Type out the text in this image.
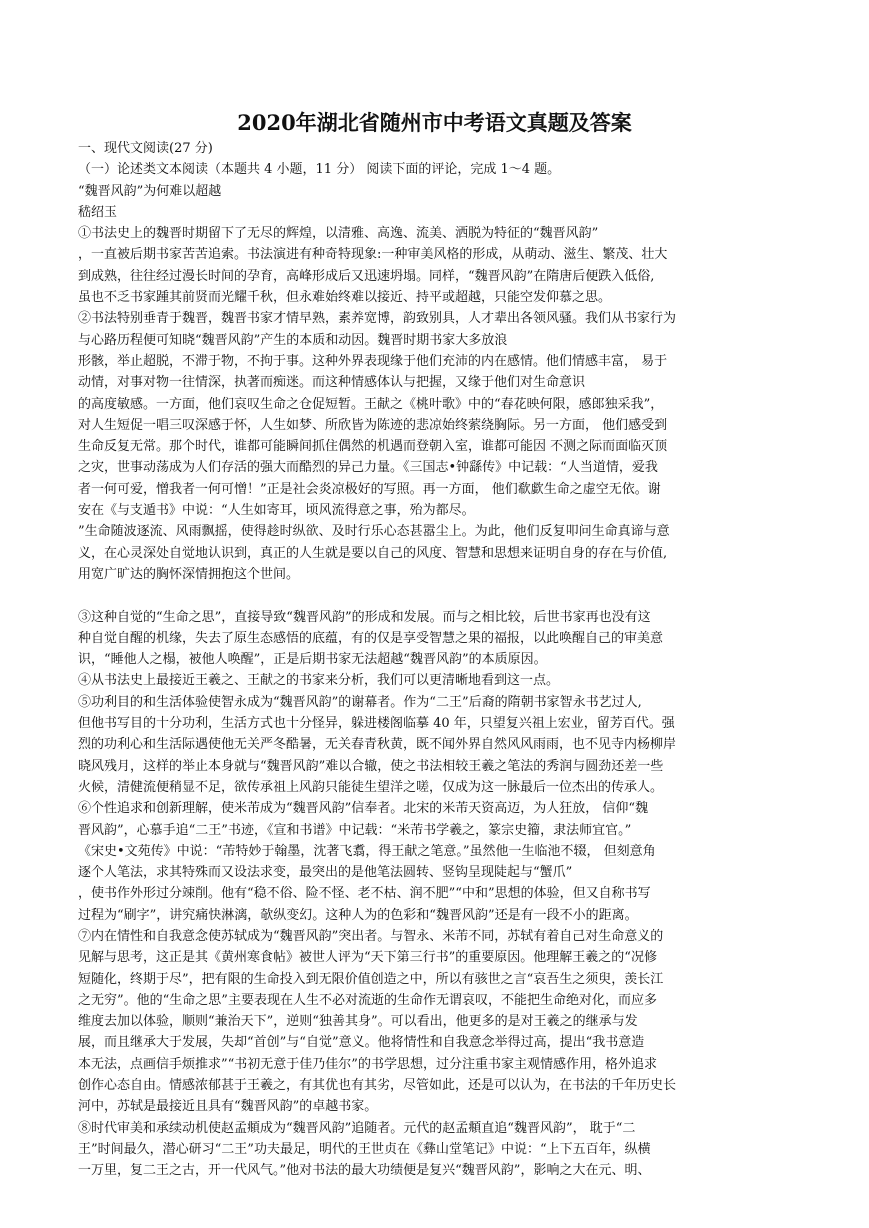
2020年湖北省随州市中考语文真题及答案
一、现代文阅读(27 分)
（一）论述类文本阅读（本题共 4 小题，11 分） 阅读下面的评论，完成 1～4 题。
“魏晋风韵”为何难以超越
嵇绍玉
①书法史上的魏晋时期留下了无尽的辉煌，以清雅、高逸、流美、洒脱为特征的“魏晋风韵”
，一直被后期书家苦苦追索。书法演进有种奇特现象:一种审美风格的形成，从萌动、滋生、繁茂、壮大
到成熟，往往经过漫长时间的孕育，高峰形成后又迅速坍塌。同样，“魏晋风韵”在隋唐后便跌入低俗,
虽也不乏书家踵其前贤而光耀千秋，但永难始终难以接近、持平或超越，只能空发仰慕之思。
②书法特别垂青于魏晋，魏晋书家才情早熟，素养宽博，韵致别具，人才辈出各领风骚。我们从书家行为
与心路历程便可知晓“魏晋风韵”产生的本质和动因。魏晋时期书家大多放浪
形骸，举止超脱，不滞于物，不拘于事。这种外界表现缘于他们充沛的内在感情。他们情感丰富， 易于
动情，对事对物一往情深，执著而痴迷。而这种情感体认与把握，又缘于他们对生命意识
的高度敏感。一方面，他们哀叹生命之仓促短暂。王献之《桃叶歌》中的“春花映何限，感郎独采我”，
对人生短促一唱三叹深感于怀，人生如梦、所欣皆为陈迹的悲凉始终萦绕胸际。另一方面， 他们感受到
生命反复无常。那个时代，谁都可能瞬间抓住偶然的机遇而登朝入室，谁都可能因 不测之际而面临灭顶
之灾，世事动荡成为人们存活的强大而酷烈的异己力量。《三国志•钟繇传》中记载：“人当道情，爱我
者一何可爱，憎我者一何可憎！”正是社会炎凉极好的写照。再一方面， 他们欷歔生命之虚空无依。谢
安在《与支遁书》中说：“人生如寄耳，顷风流得意之事，殆为都尽。
”生命随波逐流、风雨飘摇，使得趁时纵欲、及时行乐心态甚嚣尘上。为此，他们反复叩问生命真谛与意
义，在心灵深处自觉地认识到，真正的人生就是要以自己的风度、智慧和思想来证明自身的存在与价值,
用宽广旷达的胸怀深情拥抱这个世间。
③这种自觉的“生命之思”，直接导致“魏晋风韵”的形成和发展。而与之相比较，后世书家再也没有这
种自觉自醒的机缘，失去了原生态感悟的底蕴，有的仅是享受智慧之果的福报，以此唤醒自己的审美意
识，“睡他人之榻，被他人唤醒”，正是后期书家无法超越“魏晋风韵”的本质原因。
④从书法史上最接近王羲之、王献之的书家来分析，我们可以更清晰地看到这一点。
⑤功利目的和生活体验使智永成为“魏晋风韵”的谢幕者。作为“二王”后裔的隋朝书家智永书艺过人,
但他书写目的十分功利，生活方式也十分怪异，躲进楼阁临摹 40 年，只望复兴祖上宏业，留芳百代。强
烈的功利心和生活际遇使他无关严冬酷暑，无关春青秋黄，既不闻外界自然风风雨雨，也不见寺内杨柳岸
晓风残月，这样的举止本身就与“魏晋风韵”难以合辙，使之书法相较王羲之笔法的秀润与圆劲还差一些
火候，清健流便稍显不足，欲传承祖上风韵只能徒生望洋之嗟，仅成为这一脉最后一位杰出的传承人。
⑥个性追求和创新理解，使米芾成为“魏晋风韵”信奉者。北宋的米芾天资高迈，为人狂放， 信仰“魏
晋风韵”，心慕手追“二王”书迹，《宣和书谱》中记载：“米芾书学羲之，篆宗史籀，隶法师宜官。”
《宋史•文苑传》中说：“芾特妙于翰墨，沈著飞翥，得王献之笔意。”虽然他一生临池不辍， 但刻意角
逐个人笔法，求其特殊而又设法求变，最突出的是他笔法圆转、竖钩呈现陡起与“蟹爪”
，使书作外形过分竦削。他有“稳不俗、险不怪、老不枯、润不肥”“中和”思想的体验，但又自称书写
过程为“刷字”，讲究痛快淋漓，欹纵变幻。这种人为的色彩和“魏晋风韵”还是有一段不小的距离。
⑦内在情性和自我意念使苏轼成为“魏晋风韵”突出者。与智永、米芾不同，苏轼有着自己对生命意义的
见解与思考，这正是其《黄州寒食帖》被世人评为“天下第三行书”的重要原因。他理解王羲之的“况修
短随化，终期于尽”，把有限的生命投入到无限价值创造之中，所以有骇世之言“哀吾生之须臾，羡长江
之无穷”。他的“生命之思”主要表现在人生不必对流逝的生命作无谓哀叹，不能把生命绝对化，而应多
维度去加以体验，顺则“兼治天下”，逆则“独善其身”。可以看出，他更多的是对王羲之的继承与发
展，而且继承大于发展，失却“首创”与“自觉”意义。他将情性和自我意念举得过高，提出“我书意造
本无法，点画信手烦推求”“书初无意于佳乃佳尔”的书学思想，过分注重书家主观情感作用，格外追求
创作心态自由。情感浓郁甚于王羲之，有其优也有其劣，尽管如此，还是可以认为，在书法的千年历史长
河中，苏轼是最接近且具有“魏晋风韵”的卓越书家。
⑧时代审美和承续动机使赵孟頫成为“魏晋风韵”追随者。元代的赵孟頫直追“魏晋风韵”， 耽于“二
王”时间最久，潜心研习“二王”功夫最足，明代的王世贞在《彝山堂笔记》中说：“上下五百年，纵横
一万里，复二王之古，开一代风气。”他对书法的最大功绩便是复兴“魏晋风韵”，影响之大在元、明、
